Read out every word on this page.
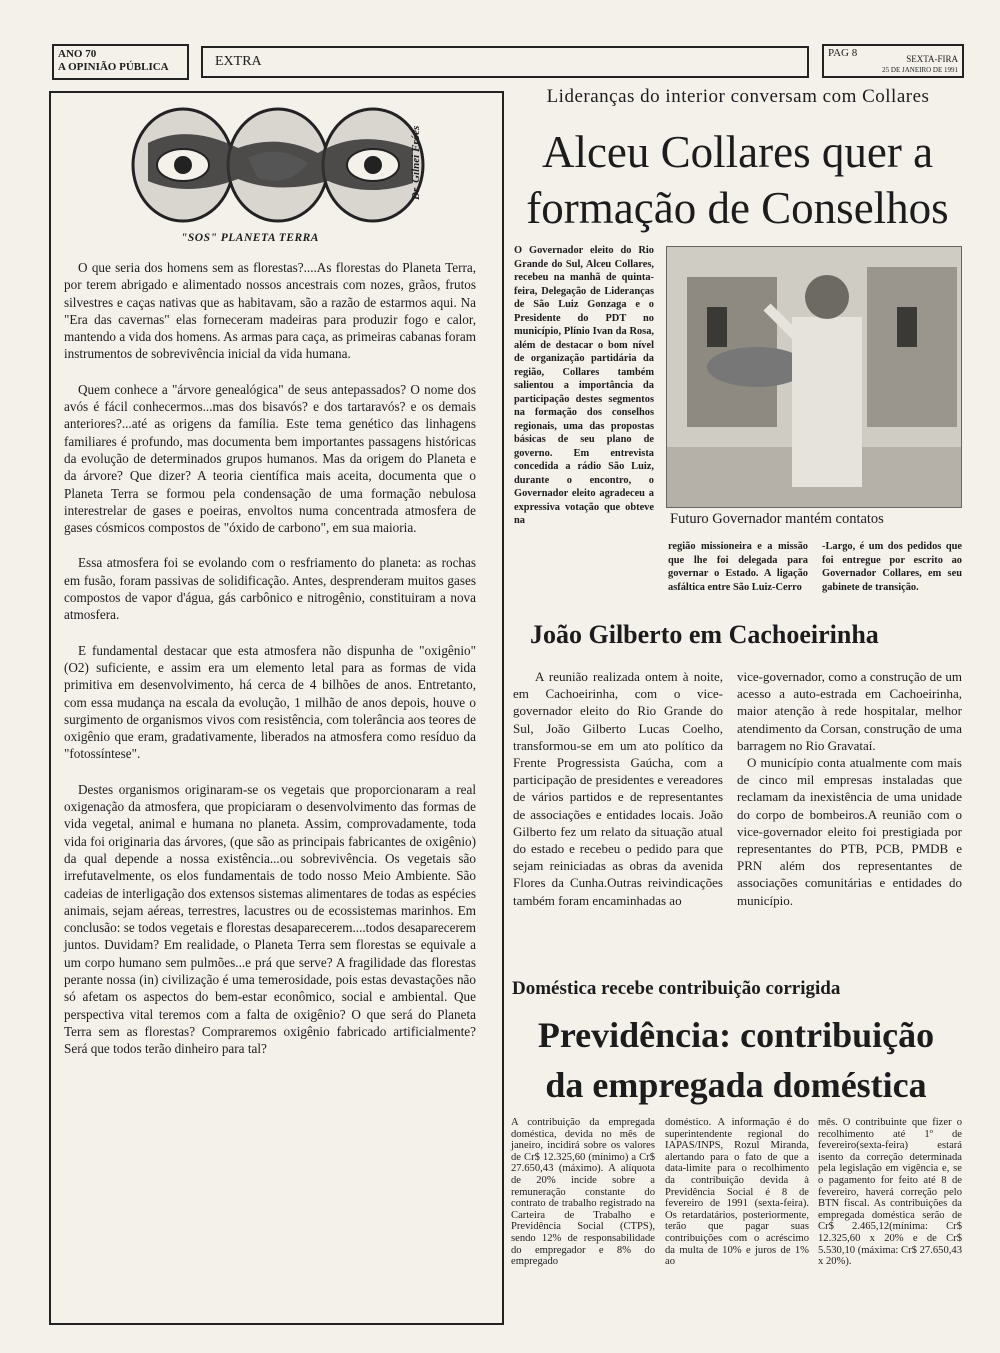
ANO 70
A OPINIÃO PÚBLICA	EXTRA
PAG 8	SEXTA-FIRA
25 DE JANEIRO DE 1991
Dr. Gilnei Fróes
"SOS" PLANETA TERRA

O que seria dos homens sem as florestas?....As florestas do Planeta Terra, por terem abrigado e alimentado nossos ancestrais com nozes, grãos, frutos silvestres e caças nativas que as habitavam, são a razão de estarmos aqui. Na "Era das cavernas" elas forneceram madeiras para produzir fogo e calor, mantendo a vida dos homens. As armas para caça, as primeiras cabanas foram instrumentos de sobrevivência inicial da vida humana.

Quem conhece a "árvore genealógica" de seus antepassados? O nome dos avós é fácil conhecermos...mas dos bisavós? e dos tartaravós? e os demais anteriores?...até as origens da família. Este tema genético das linhagens familiares é profundo, mas documenta bem importantes passagens históricas da evolução de determinados grupos humanos. Mas da origem do Planeta e da árvore? Que dizer? A teoria científica mais aceita, documenta que o Planeta Terra se formou pela condensação de uma formação nebulosa interestrelar de gases e poeiras, envoltos numa concentrada atmosfera de gases cósmicos compostos de "óxido de carbono", em sua maioria.

Essa atmosfera foi se evolando com o resfriamento do planeta: as rochas em fusão, foram passivas de solidificação. Antes, desprenderam muitos gases compostos de vapor d'água, gás carbônico e nitrogênio, constituiram a nova atmosfera.

E fundamental destacar que esta atmosfera não dispunha de "oxigênio" (O2) suficiente, e assim era um elemento letal para as formas de vida primitiva em desenvolvimento, há cerca de 4 bilhões de anos. Entretanto, com essa mudança na escala da evolução, 1 milhão de anos depois, houve o surgimento de organismos vivos com resistência, com tolerância aos teores de oxigênio que eram, gradativamente, liberados na atmosfera como resíduo da "fotossíntese".

Destes organismos originaram-se os vegetais que proporcionaram a real oxigenação da atmosfera, que propiciaram o desenvolvimento das formas de vida vegetal, animal e humana no planeta. Assim, comprovadamente, toda vida foi originaria das árvores, (que são as principais fabricantes de oxigênio) da qual depende a nossa existência...ou sobrevivência. Os vegetais são irrefutavelmente, os elos fundamentais de todo nosso Meio Ambiente. São cadeias de interligação dos extensos sistemas alimentares de todas as espécies animais, sejam aéreas, terrestres, lacustres ou de ecossistemas marinhos. Em conclusão: se todos vegetais e florestas desaparecerem....todos desaparecerem juntos. Duvidam? Em realidade, o Planeta Terra sem florestas se equivale a um corpo humano sem pulmões...e prá que serve? A fragilidade das florestas perante nossa (in) civilização é uma temerosidade, pois estas devastações não só afetam os aspectos do bem-estar econômico, social e ambiental. Que perspectiva vital teremos com a falta de oxigênio? O que será do Planeta Terra sem as florestas? Compraremos oxigênio fabricado artificialmente? Será que todos terão dinheiro para tal?

Lideranças do interior conversam com Collares
Alceu Collares quer a
formação de Conselhos
O Governador eleito do Rio Grande do Sul, Alceu Collares, recebeu na manhã de quinta-feira, Delegação de Lideranças de São Luiz Gonzaga e o Presidente do PDT no município, Plínio Ivan da Rosa, além de destacar o bom nível de organização partidária da região, Collares também salientou a importância da participação destes segmentos na formação dos conselhos regionais, uma das propostas básicas de seu plano de governo. Em entrevista concedida a rádio São Luiz, durante o encontro, o Governador eleito agradeceu a expressiva votação que obteve na	Futuro Governador mantém contatos
região missioneira e a missão que lhe foi delegada para governar o Estado. A ligação asfáltica entre São Luiz-Cerro
-Largo, é um dos pedidos que foi entregue por escrito ao Governador Collares, em seu gabinete de transição.
João Gilberto em Cachoeirinha
A reunião realizada ontem à noite, em Cachoeirinha, com o vice-governador eleito do Rio Grande do Sul, João Gilberto Lucas Coelho, transformou-se em um ato político da Frente Progressista Gaúcha, com a participação de presidentes e vereadores de vários partidos e de representantes de associações e entidades locais. João Gilberto fez um relato da situação atual do estado e recebeu o pedido para que sejam reiniciadas as obras da avenida Flores da Cunha.Outras reivindicações também foram encaminhadas ao

vice-governador, como a construção de um acesso a auto-estrada em Cachoeirinha, maior atenção à rede hospitalar, melhor atendimento da Corsan, construção de uma barragem no Rio Gravataí.

O município conta atualmente com mais de cinco mil empresas instaladas que reclamam da inexistência de uma unidade do corpo de bombeiros.A reunião com o vice-governador eleito foi prestigiada por representantes do PTB, PCB, PMDB e PRN além dos representantes de associações comunitárias e entidades do município.

Doméstica recebe contribuição corrigida
Previdência: contribuição
da empregada doméstica
A contribuição da empregada doméstica, devida no mês de janeiro, incidirá sobre os valores de Cr$ 12.325,60 (mínimo) a Cr$ 27.650,43 (máximo). A alíquota de 20% incide sobre a remuneração constante do contrato de trabalho registrado na Carteira de Trabalho e Previdência Social (CTPS), sendo 12% de responsabilidade do empregador e 8% do empregado
doméstico. A informação é do superintendente regional do IAPAS/INPS, Rozul Miranda, alertando para o fato de que a data-limite para o recolhimento da contribuição devida à Previdência Social é 8 de fevereiro de 1991 (sexta-feira). Os retardatários, posteriormente, terão que pagar suas contribuições com o acréscimo da multa de 10% e juros de 1% ao
mês. O contribuinte que fizer o recolhimento até 1º de fevereiro(sexta-feira) estará isento da correção determinada pela legislação em vigência e, se o pagamento for feito até 8 de fevereiro, haverá correção pelo BTN fiscal. As contribuições da empregada doméstica serão de Cr$ 2.465,12(mínima: Cr$ 12.325,60 x 20% e de Cr$ 5.530,10 (máxima: Cr$ 27.650,43 x 20%).
